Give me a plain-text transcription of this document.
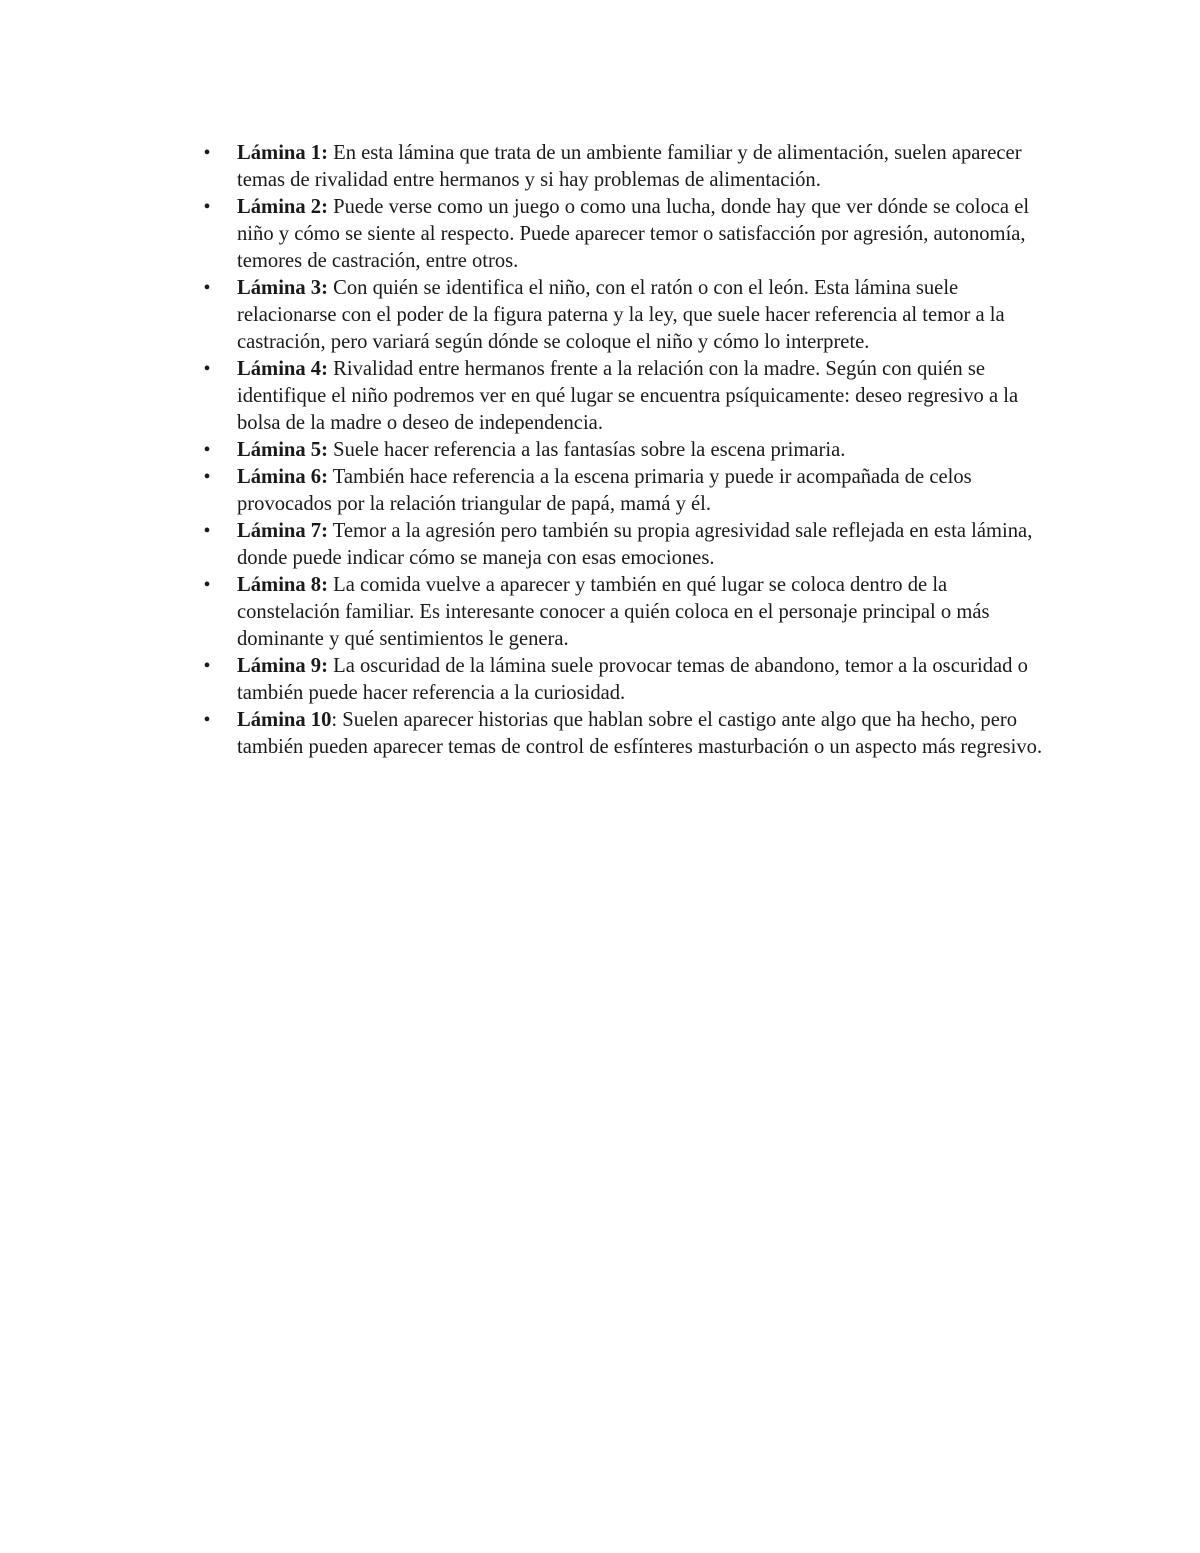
• Lámina 1: En esta lámina que trata de un ambiente familiar y de alimentación, suelen aparecer temas de rivalidad entre hermanos y si hay problemas de alimentación.
• Lámina 2: Puede verse como un juego o como una lucha, donde hay que ver dónde se coloca el niño y cómo se siente al respecto. Puede aparecer temor o satisfacción por agresión, autonomía, temores de castración, entre otros.
• Lámina 3: Con quién se identifica el niño, con el ratón o con el león. Esta lámina suele relacionarse con el poder de la figura paterna y la ley, que suele hacer referencia al temor a la castración, pero variará según dónde se coloque el niño y cómo lo interprete.
• Lámina 4: Rivalidad entre hermanos frente a la relación con la madre. Según con quién se identifique el niño podremos ver en qué lugar se encuentra psíquicamente: deseo regresivo a la bolsa de la madre o deseo de independencia.
• Lámina 5: Suele hacer referencia a las fantasías sobre la escena primaria.
• Lámina 6: También hace referencia a la escena primaria y puede ir acompañada de celos provocados por la relación triangular de papá, mamá y él.
• Lámina 7: Temor a la agresión pero también su propia agresividad sale reflejada en esta lámina, donde puede indicar cómo se maneja con esas emociones.
• Lámina 8: La comida vuelve a aparecer y también en qué lugar se coloca dentro de la constelación familiar. Es interesante conocer a quién coloca en el personaje principal o más dominante y qué sentimientos le genera.
• Lámina 9: La oscuridad de la lámina suele provocar temas de abandono, temor a la oscuridad o también puede hacer referencia a la curiosidad.
• Lámina 10: Suelen aparecer historias que hablan sobre el castigo ante algo que ha hecho, pero también pueden aparecer temas de control de esfínteres masturbación o un aspecto más regresivo.
